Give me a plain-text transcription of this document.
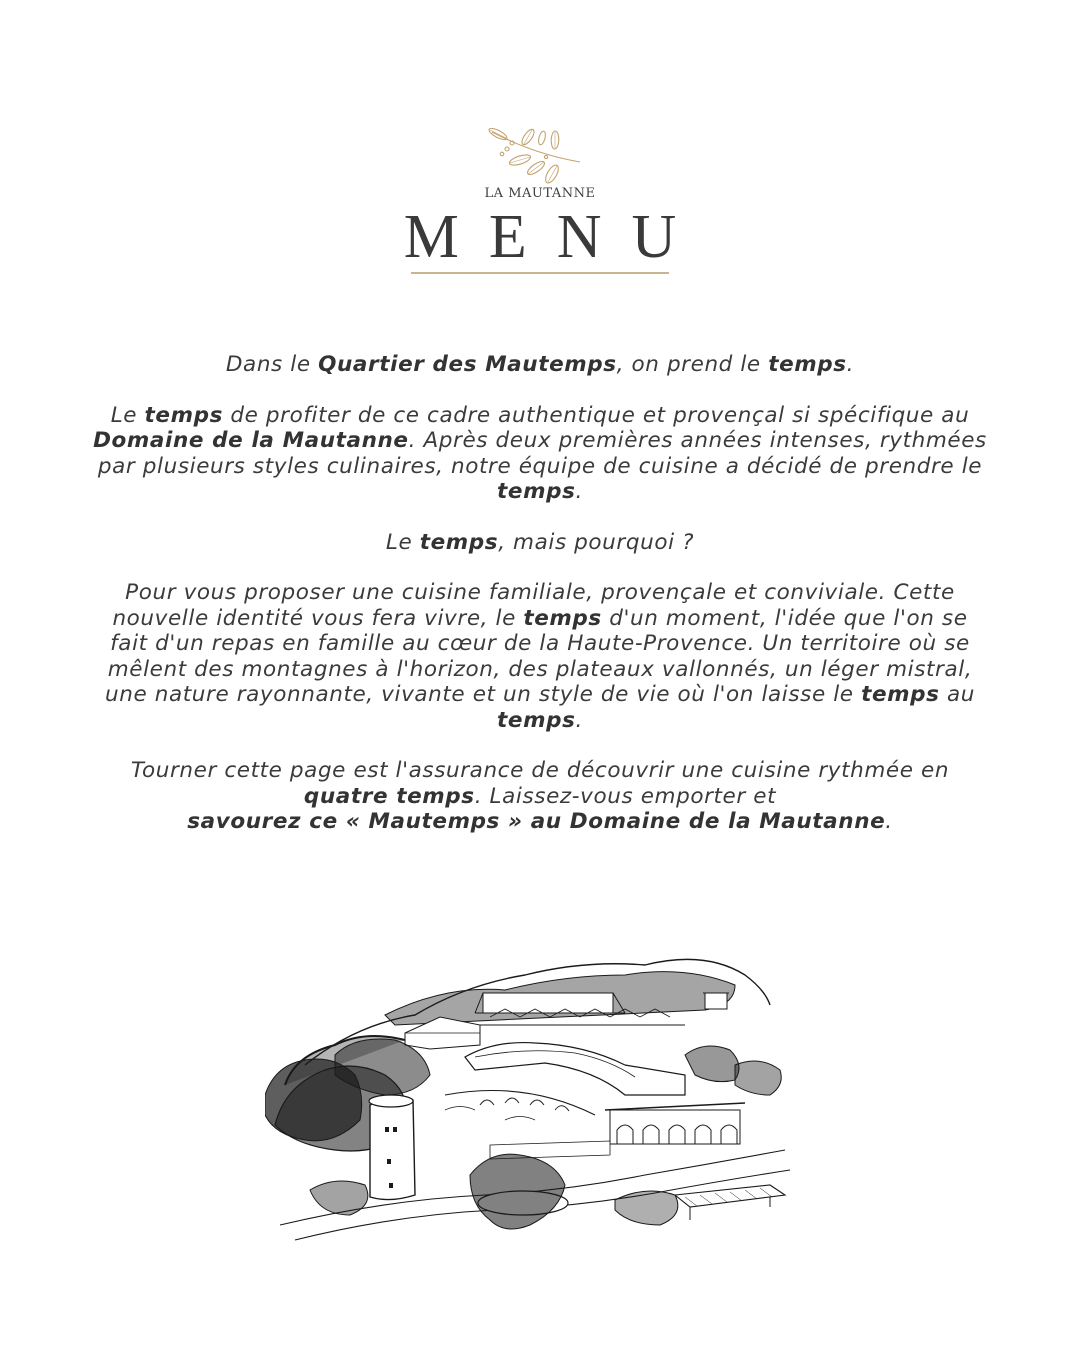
LA MAUTANNE
MENU

Dans le Quartier des Mautemps, on prend le temps.

Le temps de profiter de ce cadre authentique et provençal si spécifique au
Domaine de la Mautanne. Après deux premières années intenses, rythmées par plusieurs styles culinaires, notre équipe de cuisine a décidé de prendre le temps.

Le temps, mais pourquoi ?

Pour vous proposer une cuisine familiale, provençale et conviviale. Cette nouvelle identité vous fera vivre, le temps d'un moment, l'idée que l'on se fait d'un repas en famille au cœur de la Haute-Provence. Un territoire où se mêlent des montagnes à l'horizon, des plateaux vallonnés, un léger mistral, une nature rayonnante, vivante et un style de vie où l'on laisse le temps au temps.

Tourner cette page est l'assurance de découvrir une cuisine rythmée en quatre temps. Laissez-vous emporter et
savourez ce « Mautemps » au Domaine de la Mautanne.
